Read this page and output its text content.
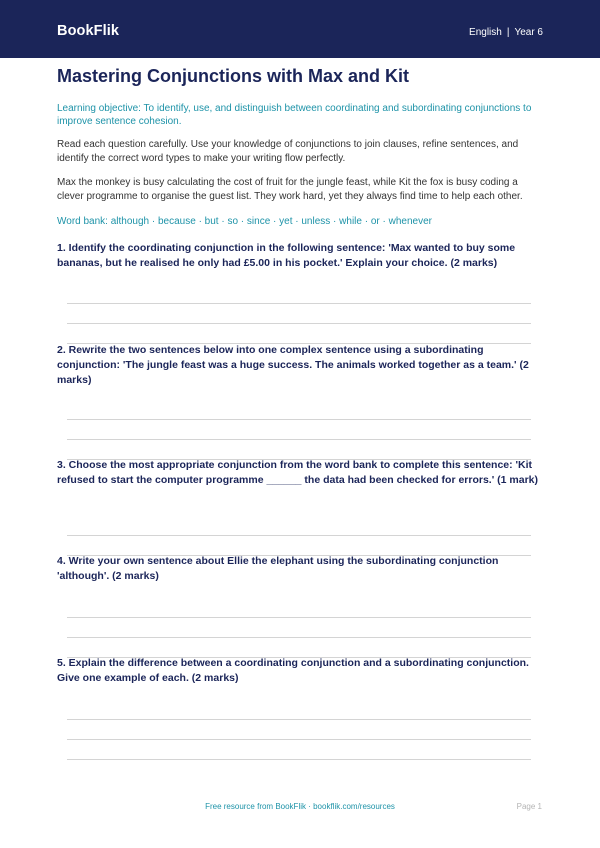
BookFlik	English | Year 6
Mastering Conjunctions with Max and Kit

Learning objective: To identify, use, and distinguish between coordinating and subordinating conjunctions to improve sentence cohesion.

Read each question carefully. Use your knowledge of conjunctions to join clauses, refine sentences, and identify the correct word types to make your writing flow perfectly.

Max the monkey is busy calculating the cost of fruit for the jungle feast, while Kit the fox is busy coding a clever programme to organise the guest list. They work hard, yet they always find time to help each other.

Word bank: although · because · but · so · since · yet · unless · while · or · whenever

1. Identify the coordinating conjunction in the following sentence: 'Max wanted to buy some bananas, but he realised he only had £5.00 in his pocket.' Explain your choice. (2 marks)

2. Rewrite the two sentences below into one complex sentence using a subordinating conjunction: 'The jungle feast was a huge success. The animals worked together as a team.' (2 marks)

3. Choose the most appropriate conjunction from the word bank to complete this sentence: 'Kit refused to start the computer programme ______ the data had been checked for errors.' (1 mark)

4. Write your own sentence about Ellie the elephant using the subordinating conjunction 'although'. (2 marks)

5. Explain the difference between a coordinating conjunction and a subordinating conjunction. Give one example of each. (2 marks)

Free resource from BookFlik · bookflik.com/resources	Page 1
